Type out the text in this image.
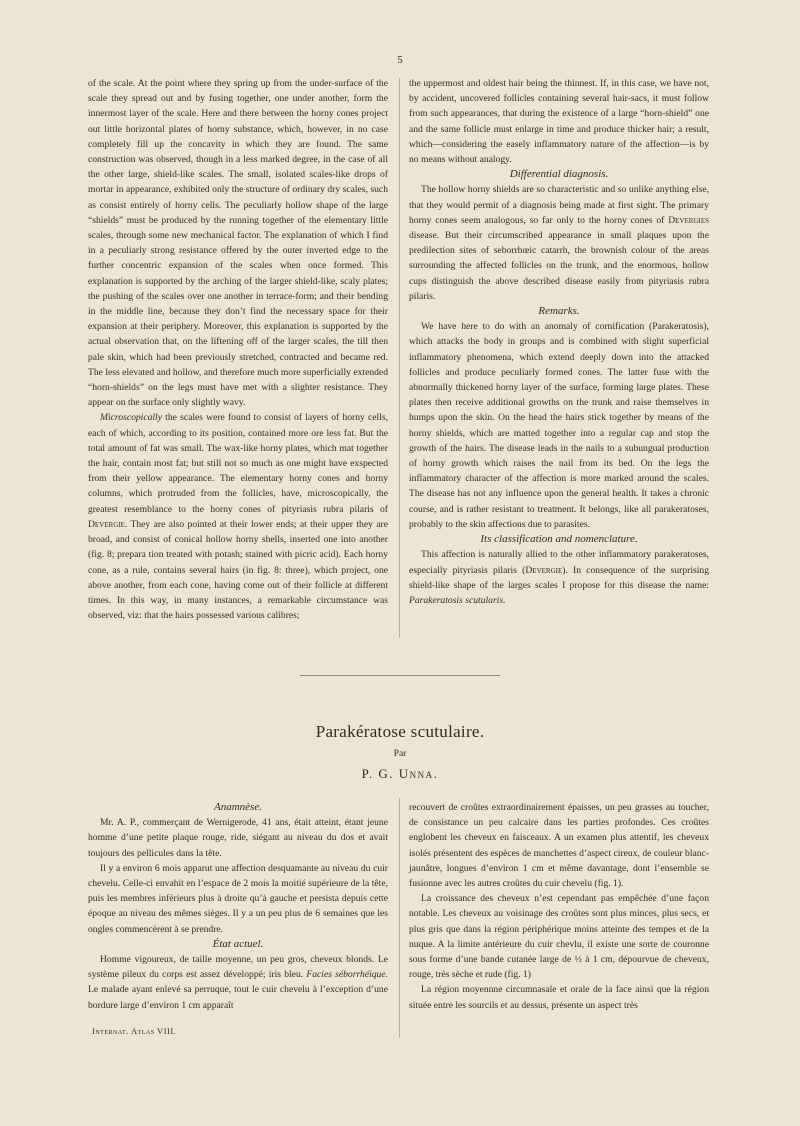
5

of the scale. At the point where they spring up from the under-surface of the scale they spread out and by fusing together, one under another, form the innermost layer of the scale. Here and there between the horny cones project out little horizontal plates of horny substance, which, however, in no case completely fill up the concavity in which they are found. The same construction was observed, though in a less marked degree, in the case of all the other large, shield-like scales. The small, isolated scales-like drops of mortar in appearance, exhibited only the structure of ordinary dry scales, such as consist entirely of horny cells. The peculiarly hollow shape of the large “shields” must be produced by the running together of the elementary little scales, through some new mechanical factor. The explanation of which I find in a peculiarly strong resistance offered by the outer inverted edge to the further concentric expansion of the scales when once formed. This explanation is supported by the arching of the larger shield-like, scaly plates; the pushing of the scales over one another in terrace-form; and their bending in the middle line, because they don’t find the necessary space for their expansion at their periphery. Moreover, this explanation is supported by the actual observation that, on the liftening off of the larger scales, the till then pale skin, which had been previously stretched, contracted and became red. The less elevated and hollow, and therefore much more superficially extended “horn-shields” on the legs must have met with a slighter resistance. They appear on the surface only slightly wavy.

Microscopically the scales were found to consist of layers of horny cells, each of which, according to its position, contained more ore less fat. But the total amount of fat was small. The wax-like horny plates, which mat together the hair, contain most fat; but still not so much as one might have exspected from their yellow appearance. The elementary horny cones and horny columns, which protruded from the follicles, have, microscopically, the greatest resemblance to the horny cones of pityriasis rubra pilaris of Devergie. They are also pointed at their lower ends; at their upper they are broad, and consist of conical hollow horny shells, inserted one into another (fig. 8; prepara tion treated with potash; stained with picric acid). Each horny cone, as a rule, contains several hairs (in fig. 8: three), which project, one above another, from each cone, having come out of their follicle at different times. In this way, in many instances, a remarkable circumstance was observed, viz: that the hairs possessed various calibres;

the uppermost and oldest hair being the thinnest. If, in this case, we have not, by accident, uncovered follicles containing several hair-sacs, it must follow from such appearances, that during the existence of a large “horn-shield” one and the same follicle must enlarge in time and produce thicker hair; a result, which—considering the easely inflammatory nature of the affection—is by no means without analogy.

Differential diagnosis.

The hollow horny shields are so characteristic and so unlike anything else, that they would permit of a diagnosis being made at first sight. The primary horny cones seem analogous, so far only to the horny cones of Devergies disease. But their circumscribed appearance in small plaques upon the predilection sites of seborrhœic catarrh, the brownish colour of the areas surrounding the affected follicles on the trunk, and the enormous, hollow cups distinguish the above described disease easily from pityriasis rubra pilaris.

Remarks.

We have here to do with an anomaly of cornification (Parakeratosis), which attacks the body in groups and is combined with slight superficial inflammatory phenomena, which extend deeply down into the attacked follicles and produce peculiarly formed cones. The latter fuse with the abnormally thickened horny layer of the surface, forming large plates. These plates then receive additional growths on the trunk and raise themselves in humps upon the skin. On the head the hairs stick together by means of the horny shields, which are matted together into a regular cap and stop the growth of the hairs. The disease leads in the nails to a subungual production of horny growth which raises the nail from its bed. On the legs the inflammatory character of the affection is more marked around the scales. The disease has not any influence upon the general health. It takes a chronic course, and is rather resistant to treatment. It belongs, like all parakeratoses, probably to the skin affections due to parasites.

Its classification and nomenclature.

This affection is naturally allied to the other inflammatory parakeratoses, especially pityriasis pilaris (Devergie). In consequence of the surprising shield-like shape of the larges scales I propose for this disease the name: Parakeratosis scutularis.

Parakératose scutulaire.
Par
P. G. Unna.

Anamnèse.

Mr. A. P., commerçant de Wernigerode, 41 ans, était atteint, étant jeune homme d’une petite plaque rouge, ride, siégant au niveau du dos et avait toujours des pellicules dans la tête.

Il y a environ 6 mois apparut une affection desquamante au niveau du cuir chevelu. Celle-ci envahit en l’espace de 2 mois la moitié supérieure de la tête, puis les membres inférieurs plus à droite qu’à gauche et persista depuis cette époque au niveau des mêmes sièges. Il y a un peu plus de 6 semaines que les ongles commencèrent à se prendre.

État actuel.

Homme vigoureux, de taille moyenne, un peu gros, cheveux blonds. Le système pileux du corps est assez développé; iris bleu. Facies séborrhéique. Le malade ayant enlevé sa perruque, tout le cuir chevelu à l’exception d’une bordure large d’environ 1 cm apparaît

recouvert de croûtes extraordinairement épaisses, un peu grasses au toucher, de consistance un peu calcaire dans les parties profondes. Ces croûtes englobent les cheveux en faisceaux. A un examen plus attentif, les cheveux isolés présentent des espèces de manchettes d’aspect cireux, de couleur blanc-jaunâtre, longues d’environ 1 cm et même davantage, dont l’ensemble se fusionne avec les autres croûtes du cuir chevelu (fig. 1).

La croissance des cheveux n’est cependant pas empêchée d’une façon notable. Les cheveux au voisinage des croûtes sont plus minces, plus secs, et plus gris que dans la région périphérique moins atteinte des tempes et de la nuque. A la limite antérieure du cuir chevlu, il existe une sorte de couronne sous forme d’une bande cutanée large de ½ à 1 cm, dépourvue de cheveux, rouge, très sèche et rude (fig. 1)

La région moyennne circumnasale et orale de la face ainsi que la région située entre les sourcils et au dessus, présente un aspect très

Internat. Atlas VIII.
